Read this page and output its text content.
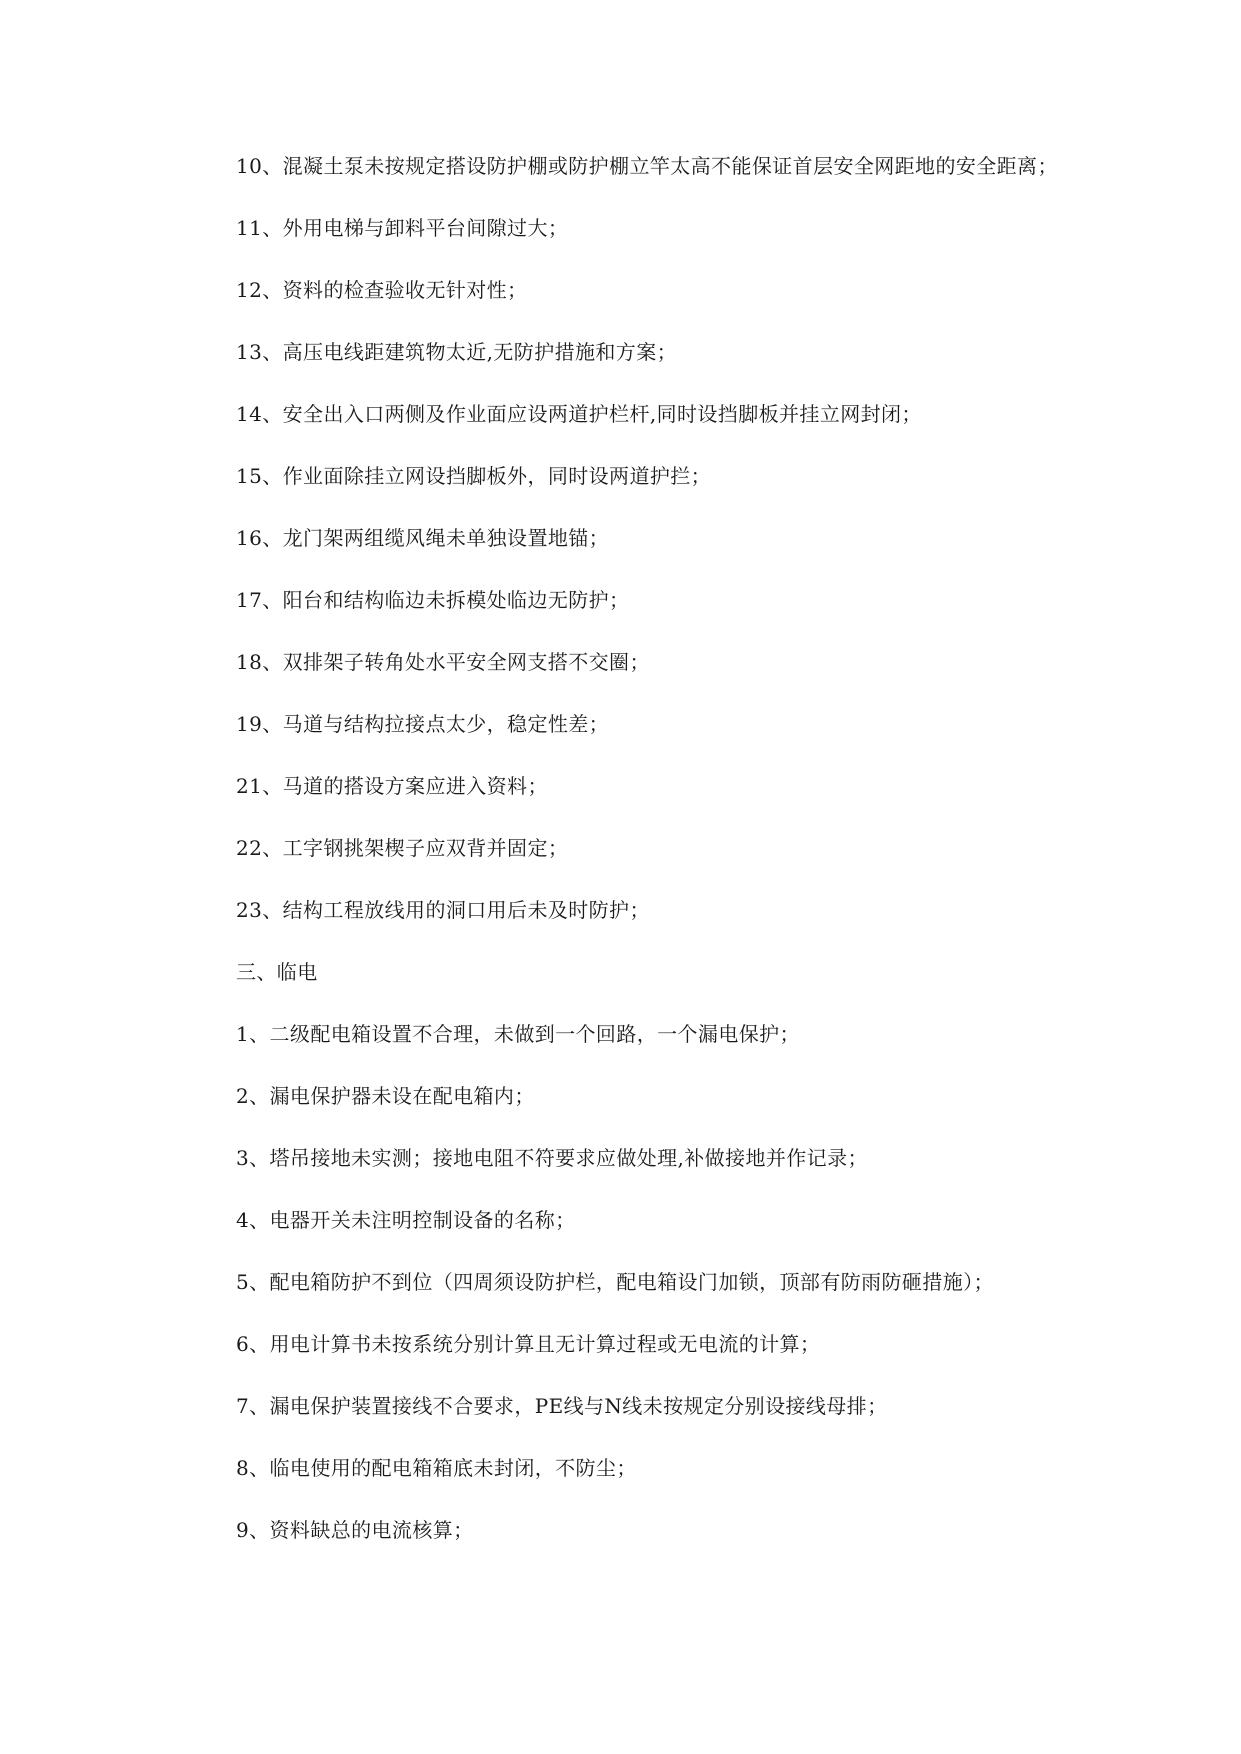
10、混凝土泵未按规定搭设防护棚或防护棚立竿太高不能保证首层安全网距地的安全距离；

11、外用电梯与卸料平台间隙过大；

12、资料的检查验收无针对性；

13、高压电线距建筑物太近,无防护措施和方案；

14、安全出入口两侧及作业面应设两道护栏杆,同时设挡脚板并挂立网封闭；

15、作业面除挂立网设挡脚板外，同时设两道护拦；

16、龙门架两组缆风绳未单独设置地锚；

17、阳台和结构临边未拆模处临边无防护；

18、双排架子转角处水平安全网支搭不交圈；

19、马道与结构拉接点太少，稳定性差；

21、马道的搭设方案应进入资料；

22、工字钢挑架楔子应双背并固定；

23、结构工程放线用的洞口用后未及时防护；

三、临电

1、二级配电箱设置不合理，未做到一个回路，一个漏电保护；

2、漏电保护器未设在配电箱内；

3、塔吊接地未实测；接地电阻不符要求应做处理,补做接地并作记录；

4、电器开关未注明控制设备的名称；

5、配电箱防护不到位（四周须设防护栏，配电箱设门加锁，顶部有防雨防砸措施）；

6、用电计算书未按系统分别计算且无计算过程或无电流的计算；

7、漏电保护装置接线不合要求，PE线与N线未按规定分别设接线母排；

8、临电使用的配电箱箱底未封闭，不防尘；

9、资料缺总的电流核算；
